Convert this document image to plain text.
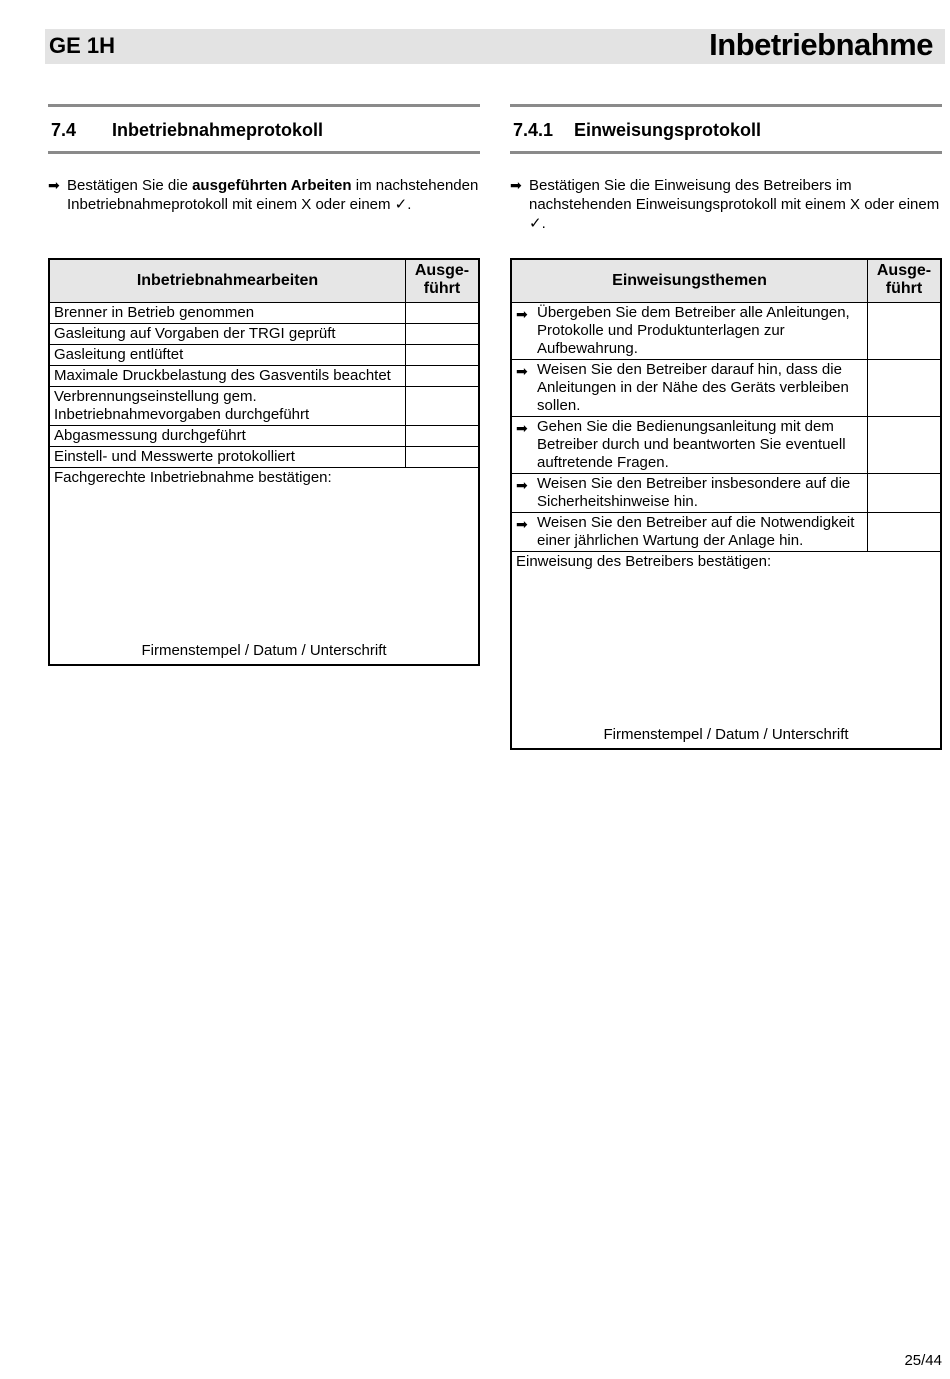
GE 1H	Inbetriebnahme
7.4 Inbetriebnahmeprotokoll
➡ Bestätigen Sie die ausgeführten Arbeiten im nachstehenden Inbetriebnahmeprotokoll mit einem X oder einem ✓.
Inbetriebnahmearbeiten	Ausge-führt
Brenner in Betrieb genommen	
Gasleitung auf Vorgaben der TRGI geprüft	
Gasleitung entlüftet	
Maximale Druckbelastung des Gasventils beachtet	
Verbrennungseinstellung gem. Inbetriebnahmevorgaben durchgeführt	
Abgasmessung durchgeführt	
Einstell- und Messwerte protokolliert	

Fachgerechte Inbetriebnahme bestätigen:
Firmenstempel / Datum / Unterschrift	
7.4.1 Einweisungsprotokoll
➡ Bestätigen Sie die Einweisung des Betreibers im nachstehenden Einweisungsprotokoll mit einem X oder einem ✓.
Einweisungsthemen	Ausge-führt

➡ Übergeben Sie dem Betreiber alle Anleitungen, Protokolle und Produktunterlagen zur Aufbewahrung.	

➡ Weisen Sie den Betreiber darauf hin, dass die Anleitungen in der Nähe des Geräts verbleiben sollen.	

➡ Gehen Sie die Bedienungsanleitung mit dem Betreiber durch und beantworten Sie eventuell auftretende Fragen.	

➡ Weisen Sie den Betreiber insbesondere auf die Sicherheitshinweise hin.	

➡ Weisen Sie den Betreiber auf die Notwendigkeit einer jährlichen Wartung der Anlage hin.	

Einweisung des Betreibers bestätigen:
Firmenstempel / Datum / Unterschrift	
25/44
